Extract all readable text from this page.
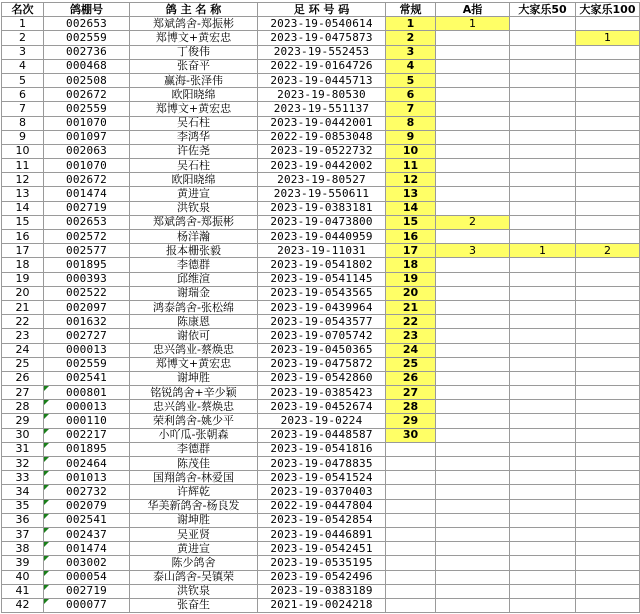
名次	鸽棚号	鸽 主 名 称	足 环 号 码	常规	A指	大家乐50	大家乐100
1	002653	郑斌鸽舍-郑振彬	2023-19-0540614	1	1		
2	002559	郑博文+黄宏忠	2023-19-0475873	2			1
3	002736	丁俊伟	2023-19-552453	3			
4	000468	张奋平	2022-19-0164726	4			
5	002508	赢海-张泽伟	2023-19-0445713	5			
6	002672	欧阳晓绵	2023-19-80530	6			
7	002559	郑博文+黄宏忠	2023-19-551137	7			
8	001070	吴石柱	2023-19-0442001	8			
9	001097	李鸿华	2022-19-0853048	9			
10	002063	许佐尧	2023-19-0522732	10			
11	001070	吴石柱	2023-19-0442002	11			
12	002672	欧阳晓绵	2023-19-80527	12			
13	001474	黄进宣	2023-19-550611	13			
14	002719	洪钦泉	2023-19-0383181	14			
15	002653	郑斌鸽舍-郑振彬	2023-19-0473800	15	2		
16	002572	杨洋瀚	2023-19-0440959	16			
17	002577	报本栅张毅	2023-19-11031	17	3	1	2
18	001895	李德群	2023-19-0541802	18			
19	000393	邱维渲	2023-19-0541145	19			
20	002522	谢瑞金	2023-19-0543565	20			
21	002097	鸿泰鸽舍-张松绵	2023-19-0439964	21			
22	001632	陈康恩	2023-19-0543577	22			
23	002727	谢依可	2023-19-0705742	23			
24	000013	忠兴鸽业-蔡焕忠	2023-19-0450365	24			
25	002559	郑博文+黄宏忠	2023-19-0475872	25			
26	002541	谢坤胜	2023-19-0542860	26			
27	000801	铭锐鸽舍+辛少颖	2023-19-0385423	27			
28	000013	忠兴鸽业-蔡焕忠	2023-19-0452674	28			
29	000110	荣利鸽舍-姚少平	2023-19-0224	29			
30	002217	小吖瓜-张朝森	2023-19-0448587	30			
31	001895	李德群	2023-19-0541816				
32	002464	陈茂佳	2023-19-0478835				
33	001013	国翔鸽舍-林爱国	2023-19-0541524				
34	002732	许辉乾	2023-19-0370403				
35	002079	华美新鸽舍-杨良发	2022-19-0447804				
36	002541	谢坤胜	2023-19-0542854				
37	002437	吴亚贤	2023-19-0446891				
38	001474	黄进宣	2023-19-0542451				
39	003002	陈少鸽舍	2023-19-0535195				
40	000054	泰山鸽舍-吴镇荣	2023-19-0542496				
41	002719	洪钦泉	2023-19-0383189				
42	000077	张奋生	2021-19-0024218				
